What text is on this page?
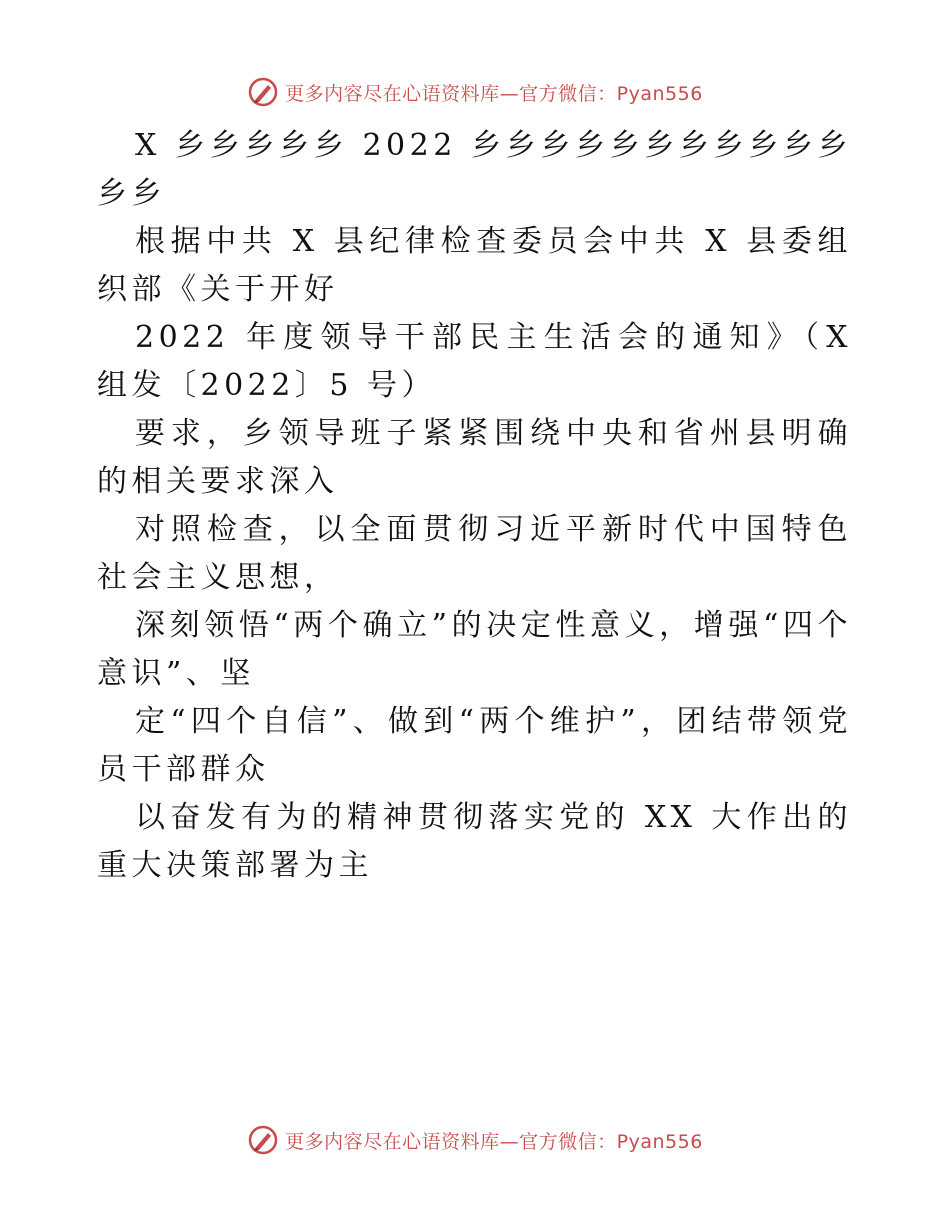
更多内容尽在心语资料库—官方微信：Pyan556

X 乡乡乡乡乡 2022 乡乡乡乡乡乡乡乡乡乡乡乡乡

根据中共 X 县纪律检查委员会中共 X 县委组织部《关于开好

2022 年度领导干部民主生活会的通知》（X 组发〔2022〕5 号）

要求，乡领导班子紧紧围绕中央和省州县明确的相关要求深入

对照检查，以全面贯彻习近平新时代中国特色社会主义思想，

深刻领悟“两个确立”的决定性意义，增强“四个意识”、坚

定“四个自信”、做到“两个维护”，团结带领党员干部群众

以奋发有为的精神贯彻落实党的 XX 大作出的重大决策部署为主

更多内容尽在心语资料库—官方微信：Pyan556
